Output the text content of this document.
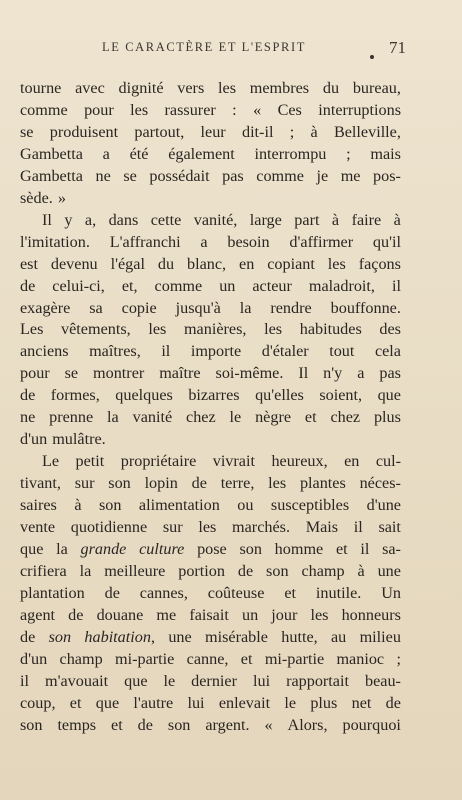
LE CARACTÈRE ET L'ESPRIT	71
tourne avec dignité vers les membres du bureau,
comme pour les rassurer : « Ces interruptions
se produisent partout, leur dit-il ; à Belleville,
Gambetta a été également interrompu ; mais
Gambetta ne se possédait pas comme je me pos-
sède. »
Il y a, dans cette vanité, large part à faire à
l'imitation. L'affranchi a besoin d'affirmer qu'il
est devenu l'égal du blanc, en copiant les façons
de celui-ci, et, comme un acteur maladroit, il
exagère sa copie jusqu'à la rendre bouffonne.
Les vêtements, les manières, les habitudes des
anciens maîtres, il importe d'étaler tout cela
pour se montrer maître soi-même. Il n'y a pas
de formes, quelques bizarres qu'elles soient, que
ne prenne la vanité chez le nègre et chez plus
d'un mulâtre.
Le petit propriétaire vivrait heureux, en cul-
tivant, sur son lopin de terre, les plantes néces-
saires à son alimentation ou susceptibles d'une
vente quotidienne sur les marchés. Mais il sait
que la grande culture pose son homme et il sa-
crifiera la meilleure portion de son champ à une
plantation de cannes, coûteuse et inutile. Un
agent de douane me faisait un jour les honneurs
de son habitation, une misérable hutte, au milieu
d'un champ mi-partie canne, et mi-partie manioc ;
il m'avouait que le dernier lui rapportait beau-
coup, et que l'autre lui enlevait le plus net de
son temps et de son argent. « Alors, pourquoi
